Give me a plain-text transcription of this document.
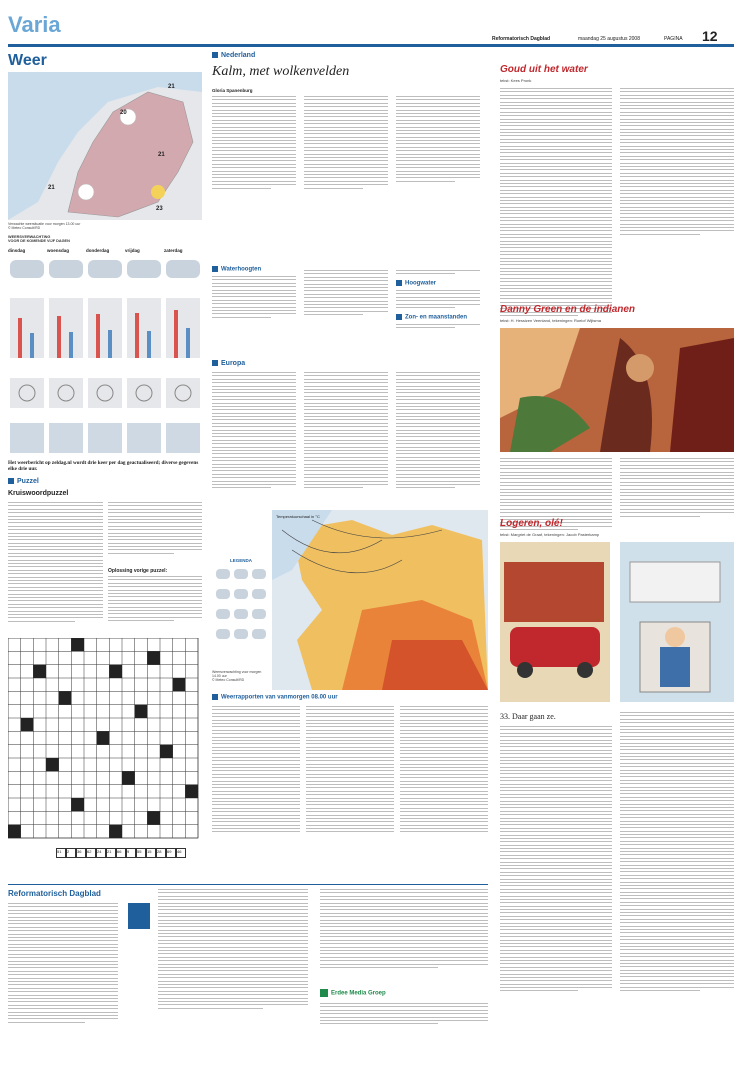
Varia
Reformatorisch Dagblad	maandag 25 augustus 2008	PAGINA 12
Weer
21
20
21
21
23
Verwachte weersituatie voor morgen 13.00 uur
© Meteo Consult/RD
WEERSVERWACHTING
VOOR DE KOMENDE VIJF DAGEN
dinsdag	woensdag	donderdag	vrijdag	zaterdag
Het weerbericht op zeldag.nl wordt drie keer per dag geactualiseerd; diverse gegevens elke drie uur.
Puzzel
Kruiswoordpuzzel
Oplossing vorige puzzel:
51	2	36	62	24	21	66	9	55	15	28	69	46
Nederland
Kalm, met wolkenvelden
Gloria Spanenburg
Waterhoogten
Hoogwater
Zon- en maanstanden
Europa
Temperatuurschaal in °C
LEGENDA
Weersverwachting voor morgen 14.00 uur
© Meteo Consult/RD
Weerrapporten van vanmorgen 08.00 uur
Reformatorisch Dagblad
Erdee Media Groep
Goud uit het water
tekst: Kees Pronk
Danny Green en de indianen
tekst: H. Hessizen Veenland, tekeningen: Roelof Wijtsma
Logeren, olé!
tekst: Margriet de Graaf, tekeningen: Jacob Pasterkamp
33. Daar gaan ze.
